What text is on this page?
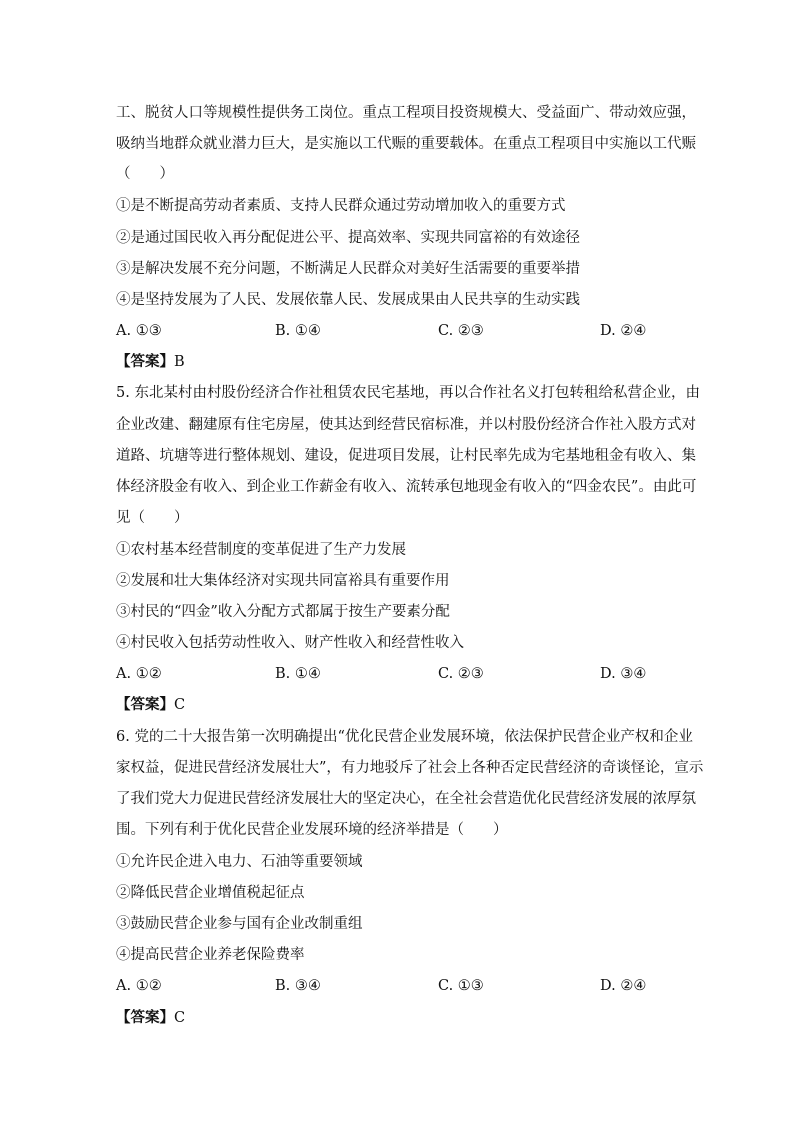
工、脱贫人口等规模性提供务工岗位。重点工程项目投资规模大、受益面广、带动效应强，
吸纳当地群众就业潜力巨大，是实施以工代赈的重要载体。在重点工程项目中实施以工代赈
（　　）
①是不断提高劳动者素质、支持人民群众通过劳动增加收入的重要方式
②是通过国民收入再分配促进公平、提高效率、实现共同富裕的有效途径
③是解决发展不充分问题，不断满足人民群众对美好生活需要的重要举措
④是坚持发展为了人民、发展依靠人民、发展成果由人民共享的生动实践
A. ①③	B. ①④	C. ②③	D. ②④
【答案】B
5. 东北某村由村股份经济合作社租赁农民宅基地，再以合作社名义打包转租给私营企业，由
企业改建、翻建原有住宅房屋，使其达到经营民宿标准，并以村股份经济合作社入股方式对
道路、坑塘等进行整体规划、建设，促进项目发展，让村民率先成为宅基地租金有收入、集
体经济股金有收入、到企业工作薪金有收入、流转承包地现金有收入的“四金农民”。由此可
见（　　）
①农村基本经营制度的变革促进了生产力发展
②发展和壮大集体经济对实现共同富裕具有重要作用
③村民的“四金”收入分配方式都属于按生产要素分配
④村民收入包括劳动性收入、财产性收入和经营性收入
A. ①②	B. ①④	C. ②③	D. ③④
【答案】C
6. 党的二十大报告第一次明确提出“优化民营企业发展环境，依法保护民营企业产权和企业
家权益，促进民营经济发展壮大”，有力地驳斥了社会上各种否定民营经济的奇谈怪论，宣示
了我们党大力促进民营经济发展壮大的坚定决心，在全社会营造优化民营经济发展的浓厚氛
围。下列有利于优化民营企业发展环境的经济举措是（　　）
①允许民企进入电力、石油等重要领域
②降低民营企业增值税起征点
③鼓励民营企业参与国有企业改制重组
④提高民营企业养老保险费率
A. ①②	B. ③④	C. ①③	D. ②④
【答案】C
